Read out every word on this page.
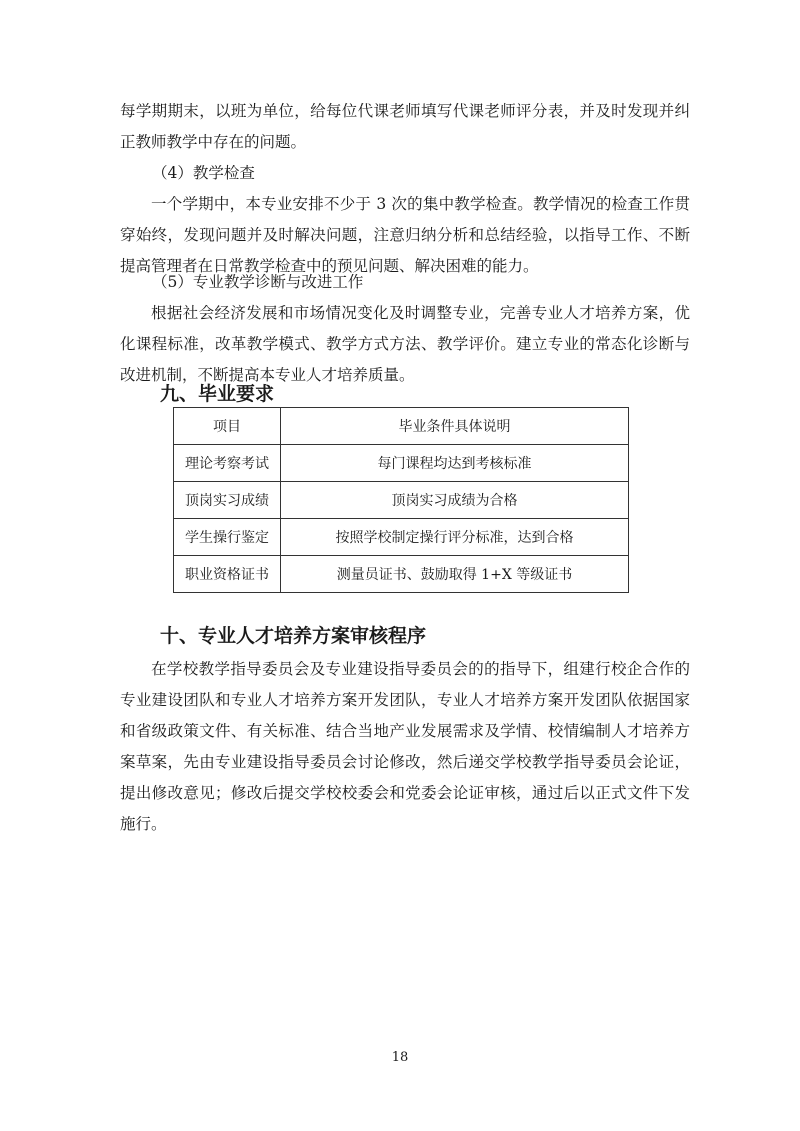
每学期期末，以班为单位，给每位代课老师填写代课老师评分表，并及时发现并纠正教师教学中存在的问题。

（4）教学检查

一个学期中，本专业安排不少于 3 次的集中教学检查。教学情况的检查工作贯穿始终，发现问题并及时解决问题，注意归纳分析和总结经验，以指导工作、不断提高管理者在日常教学检查中的预见问题、解决困难的能力。

（5）专业教学诊断与改进工作

根据社会经济发展和市场情况变化及时调整专业，完善专业人才培养方案，优化课程标准，改革教学模式、教学方式方法、教学评价。建立专业的常态化诊断与改进机制，不断提高本专业人才培养质量。

九、毕业要求
项目	毕业条件具体说明
理论考察考试	每门课程均达到考核标准
顶岗实习成绩	顶岗实习成绩为合格
学生操行鉴定	按照学校制定操行评分标准，达到合格
职业资格证书	测量员证书、鼓励取得 1+X 等级证书
十、专业人才培养方案审核程序

在学校教学指导委员会及专业建设指导委员会的的指导下，组建行校企合作的专业建设团队和专业人才培养方案开发团队，专业人才培养方案开发团队依据国家和省级政策文件、有关标准、结合当地产业发展需求及学情、校情编制人才培养方案草案，先由专业建设指导委员会讨论修改，然后递交学校教学指导委员会论证，提出修改意见；修改后提交学校校委会和党委会论证审核，通过后以正式文件下发施行。

18
